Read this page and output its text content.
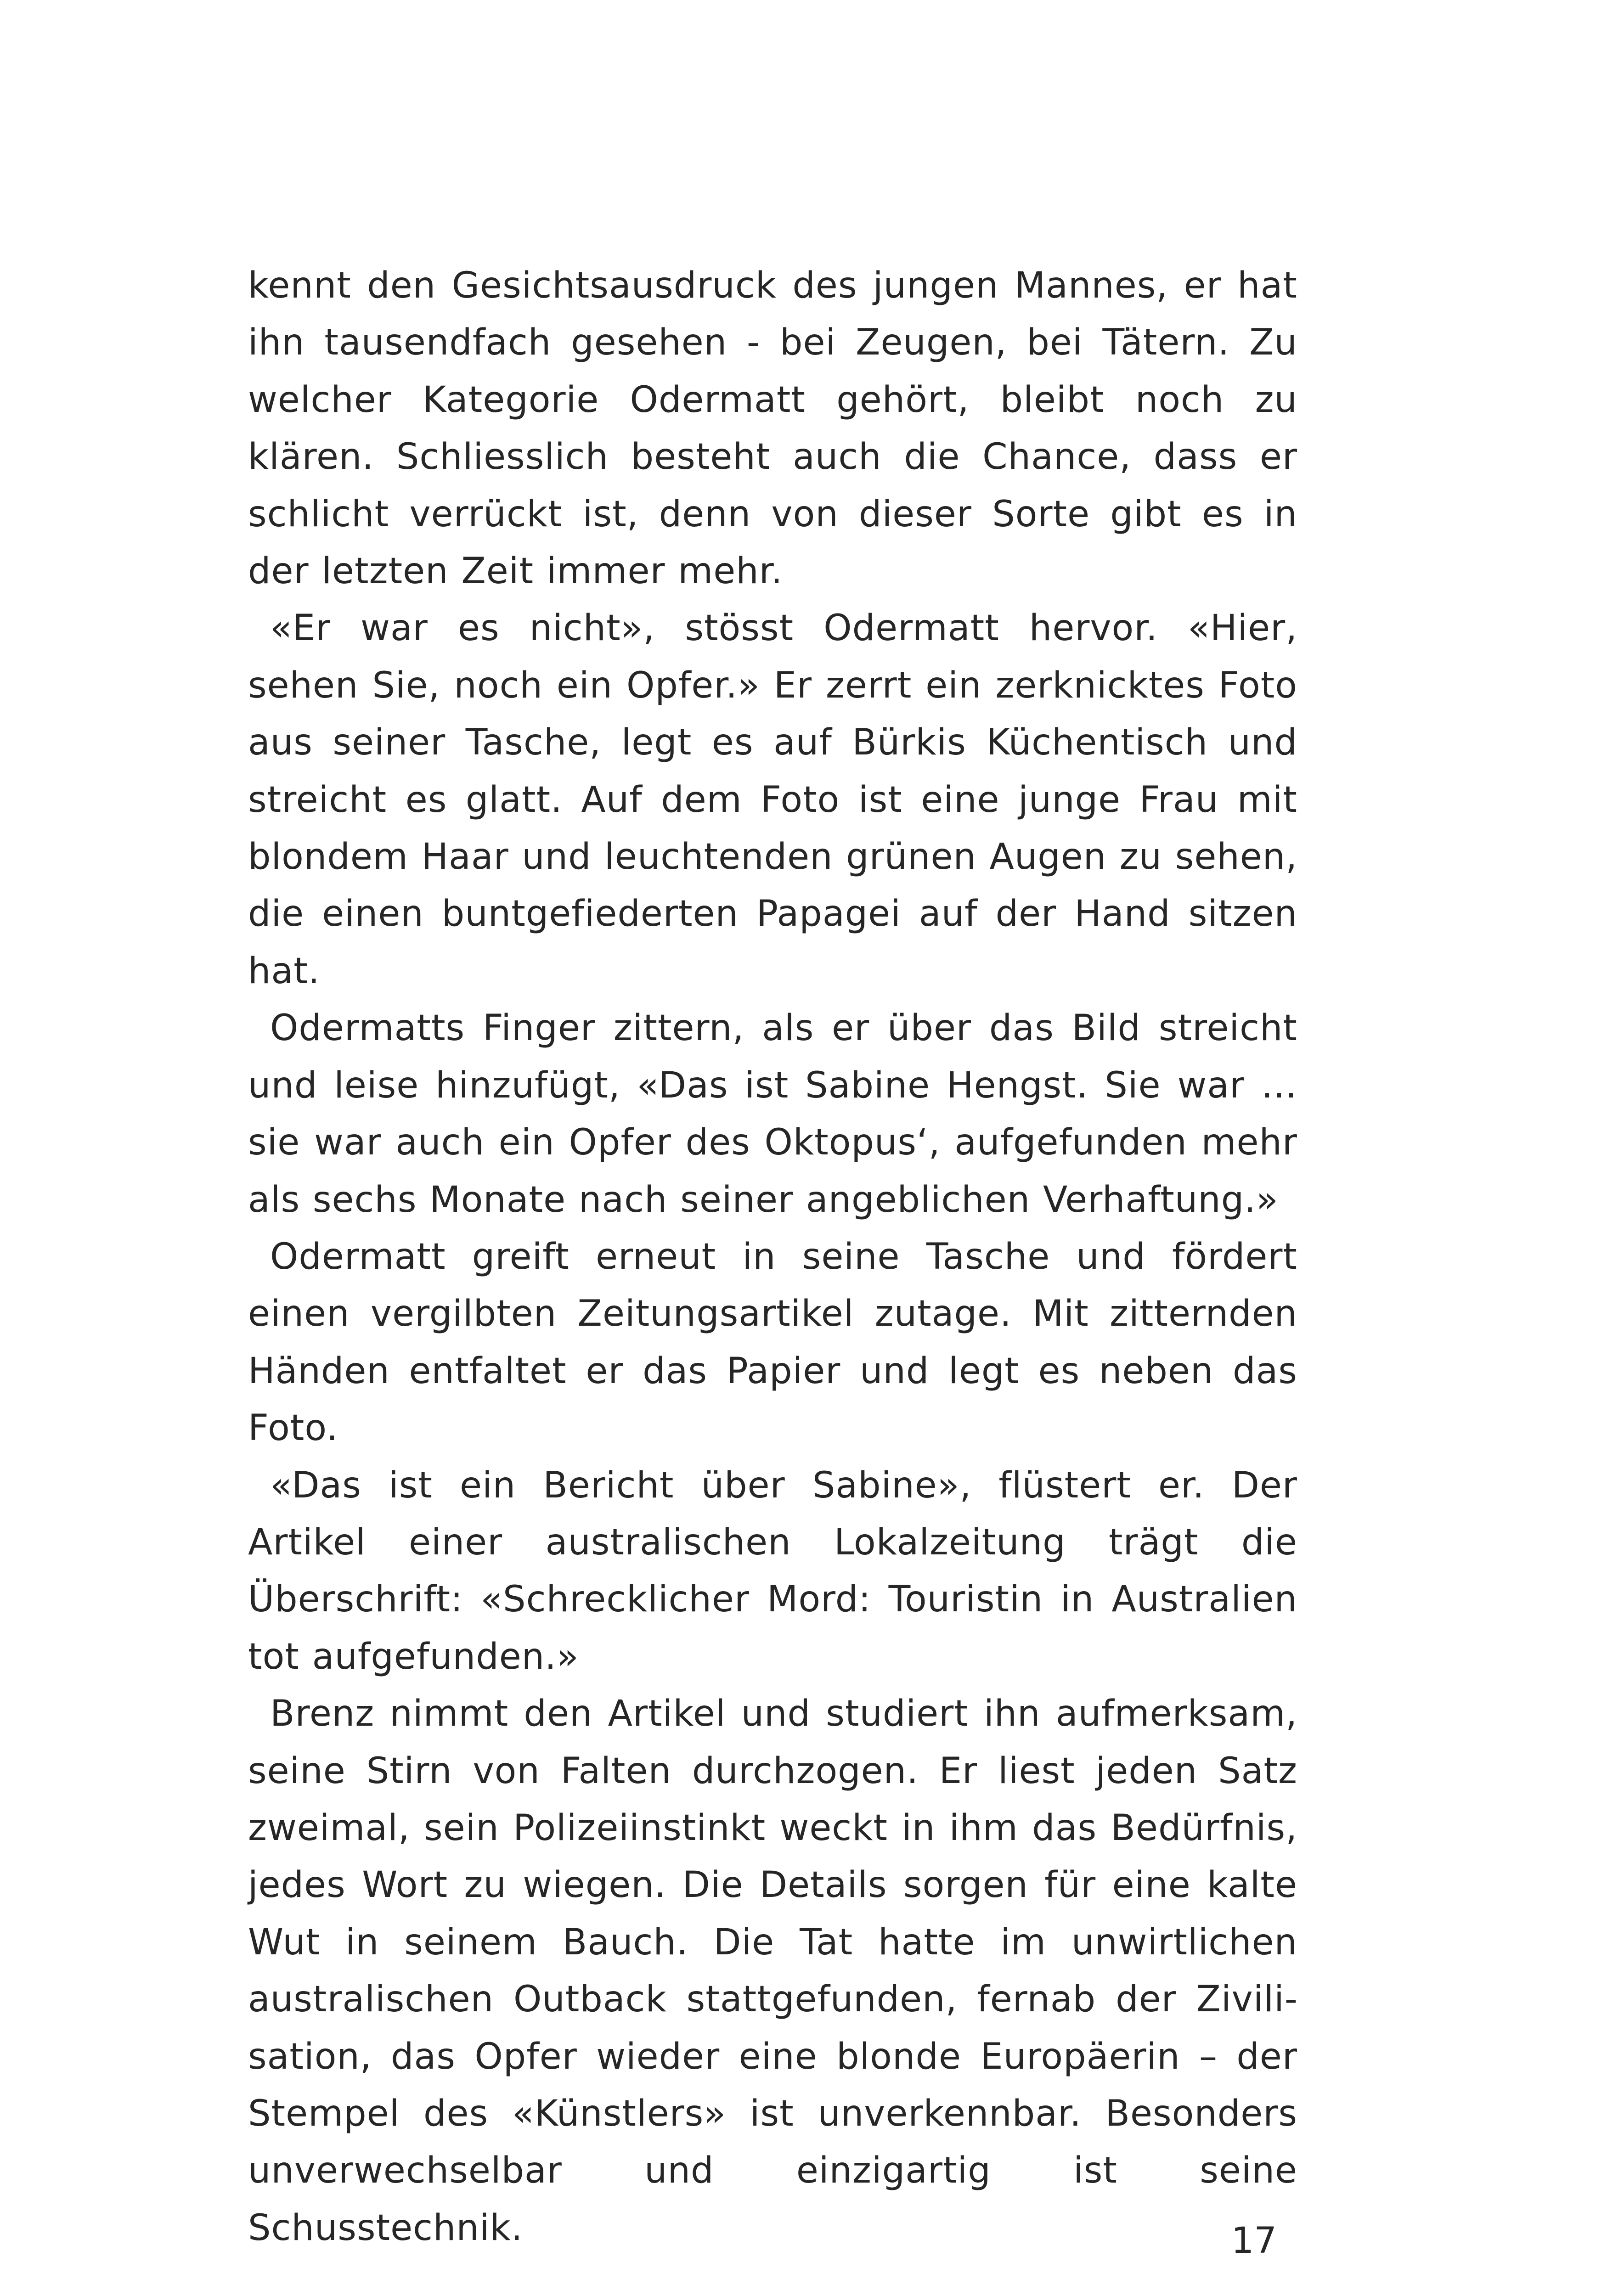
kennt den Gesichtsausdruck des jungen Mannes, er hat ihn tausendfach gesehen - bei Zeugen, bei Tätern. Zu welcher Kategorie Odermatt gehört, bleibt noch zu klären. Schliesslich besteht auch die Chance, dass er schlicht verrückt ist, denn von dieser Sorte gibt es in der letzten Zeit immer mehr.

«Er war es nicht», stösst Odermatt hervor. «Hier, sehen Sie, noch ein Opfer.» Er zerrt ein zerknicktes Foto aus seiner Tasche, legt es auf Bürkis Küchentisch und streicht es glatt. Auf dem Foto ist eine junge Frau mit blondem Haar und leuchtenden grünen Augen zu sehen, die einen buntgefiederten Papagei auf der Hand sitzen hat.

Odermatts Finger zittern, als er über das Bild streicht und leise hinzufügt, «Das ist Sabine Hengst. Sie war … sie war auch ein Opfer des Oktopus‘, aufgefunden mehr als sechs Monate nach seiner angeblichen Verhaftung.»

Odermatt greift erneut in seine Tasche und fördert einen vergilbten Zeitungsartikel zutage. Mit zitternden Händen entfaltet er das Papier und legt es neben das Foto.

«Das ist ein Bericht über Sabine», flüstert er. Der Artikel einer australischen Lokalzeitung trägt die Überschrift: «Schrecklicher Mord: Touristin in Australien tot aufgefunden.»

Brenz nimmt den Artikel und studiert ihn aufmerksam, seine Stirn von Falten durchzogen. Er liest jeden Satz zweimal, sein Polizeiinstinkt weckt in ihm das Bedürfnis, jedes Wort zu wiegen. Die Details sorgen für eine kalte Wut in seinem Bauch. Die Tat hatte im unwirtlichen australischen Outback stattgefunden, fernab der Zivilisation, das Opfer wieder eine blonde Europäerin – der Stempel des «Künstlers» ist unverkennbar. Besonders unverwechselbar und einzigartig ist seine Schusstechnik.	17
